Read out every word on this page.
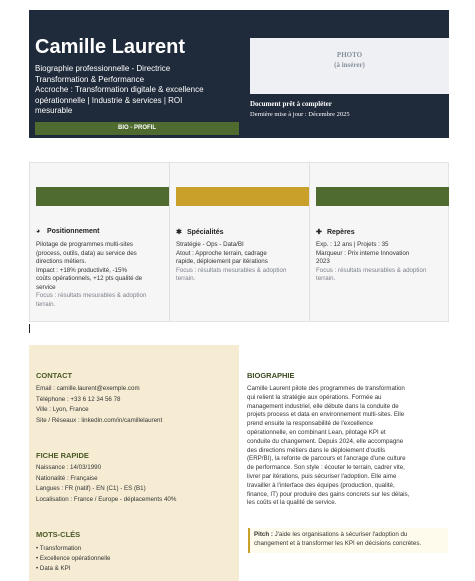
Camille Laurent
Biographie professionnelle - Directrice
Transformation & Performance
Accroche : Transformation digitale & excellence
opérationnelle | Industrie & services | ROI
mesurable
BIO - PROFIL
PHOTO
(à insérer)
Document prêt à compléter
Dernière mise à jour : Décembre 2025
◕ Positionnement
Pilotage de programmes multi-sites
(process, outils, data) au service des
directions métiers.
Impact : +18% productivité, -15%
coûts opérationnels, +12 pts qualité de
service
Focus : résultats mesurables & adoption
terrain.
✱ Spécialités
Stratégie - Ops - Data/BI
Atout : Approche terrain, cadrage
rapide, déploiement par itérations
Focus : résultats mesurables & adoption
terrain.
✚ Repères
Exp. : 12 ans | Projets : 35
Marqueur : Prix interne Innovation
2023
Focus : résultats mesurables & adoption
terrain.
CONTACT
Email : camille.laurent@exemple.com
Téléphone : +33 6 12 34 56 78
Ville : Lyon, France
Site / Réseaux : linkedin.com/in/camillelaurent
FICHE RAPIDE
Naissance : 14/03/1990
Nationalité : Française
Langues : FR (natif) - EN (C1) - ES (B1)
Localisation : France / Europe - déplacements 40%
MOTS-CLÉS
• Transformation
• Excellence opérationnelle
• Data & KPI
BIOGRAPHIE
Camille Laurent pilote des programmes de transformation
qui relient la stratégie aux opérations. Formée au
management industriel, elle débute dans la conduite de
projets process et data en environnement multi-sites. Elle
prend ensuite la responsabilité de l'excellence
opérationnelle, en combinant Lean, pilotage KPI et
conduite du changement. Depuis 2024, elle accompagne
des directions métiers dans le déploiement d'outils
(ERP/BI), la refonte de parcours et l'ancrage d'une culture
de performance. Son style : écouter le terrain, cadrer vite,
livrer par itérations, puis sécuriser l'adoption. Elle aime
travailler à l'interface des équipes (production, qualité,
finance, IT) pour produire des gains concrets sur les délais,
les coûts et la qualité de service.
Pitch : J'aide les organisations à sécuriser l'adoption du
changement et à transformer les KPI en décisions concrètes.
